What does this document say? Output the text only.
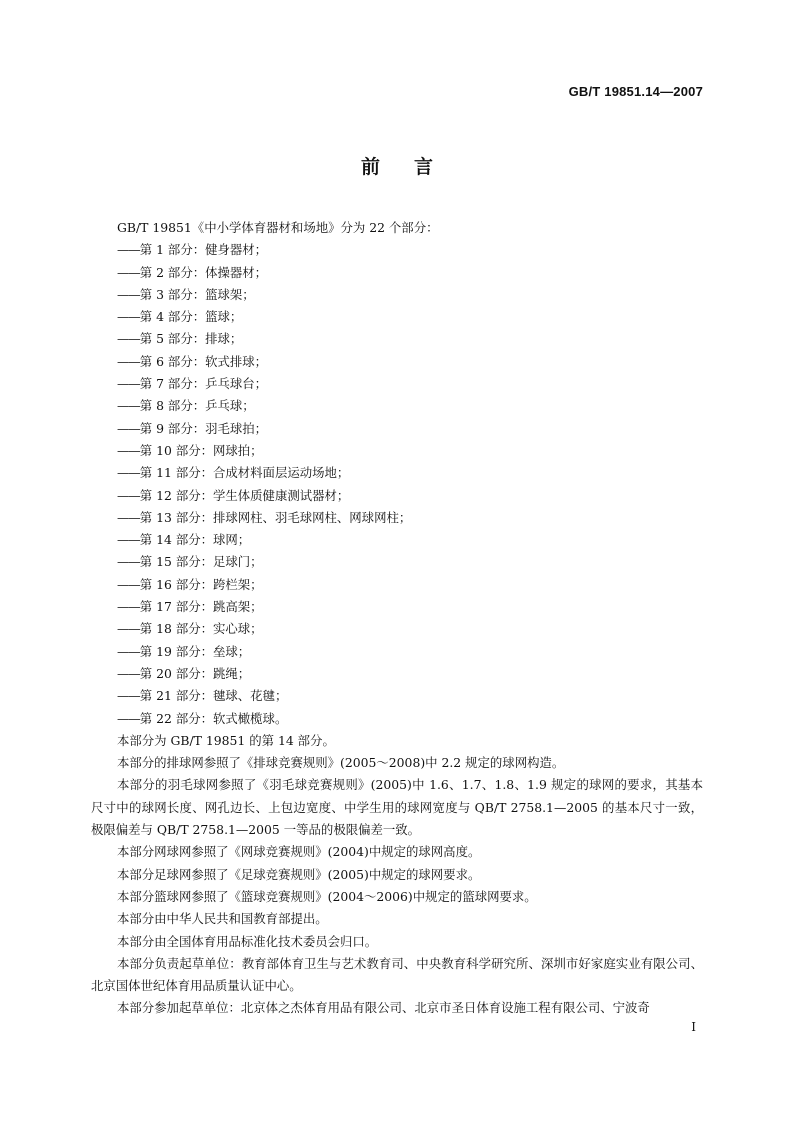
GB/T 19851.14—2007
前言

GB/T 19851《中小学体育器材和场地》分为 22 个部分：

——第 1 部分：健身器材；
——第 2 部分：体操器材；
——第 3 部分：篮球架；
——第 4 部分：篮球；
——第 5 部分：排球；
——第 6 部分：软式排球；
——第 7 部分：乒乓球台；
——第 8 部分：乒乓球；
——第 9 部分：羽毛球拍；
——第 10 部分：网球拍；
——第 11 部分：合成材料面层运动场地；
——第 12 部分：学生体质健康测试器材；
——第 13 部分：排球网柱、羽毛球网柱、网球网柱；
——第 14 部分：球网；
——第 15 部分：足球门；
——第 16 部分：跨栏架；
——第 17 部分：跳高架；
——第 18 部分：实心球；
——第 19 部分：垒球；
——第 20 部分：跳绳；
——第 21 部分：毽球、花毽；
——第 22 部分：软式橄榄球。

本部分为 GB/T 19851 的第 14 部分。

本部分的排球网参照了《排球竞赛规则》(2005～2008)中 2.2 规定的球网构造。

本部分的羽毛球网参照了《羽毛球竞赛规则》(2005)中 1.6、1.7、1.8、1.9 规定的球网的要求，其基本尺寸中的球网长度、网孔边长、上包边宽度、中学生用的球网宽度与 QB/T 2758.1—2005 的基本尺寸一致，极限偏差与 QB/T 2758.1—2005 一等品的极限偏差一致。

本部分网球网参照了《网球竞赛规则》(2004)中规定的球网高度。

本部分足球网参照了《足球竞赛规则》(2005)中规定的球网要求。

本部分篮球网参照了《篮球竞赛规则》(2004～2006)中规定的篮球网要求。

本部分由中华人民共和国教育部提出。

本部分由全国体育用品标准化技术委员会归口。

本部分负责起草单位：教育部体育卫生与艺术教育司、中央教育科学研究所、深圳市好家庭实业有限公司、北京国体世纪体育用品质量认证中心。

本部分参加起草单位：北京体之杰体育用品有限公司、北京市圣日体育设施工程有限公司、宁波奇

I
